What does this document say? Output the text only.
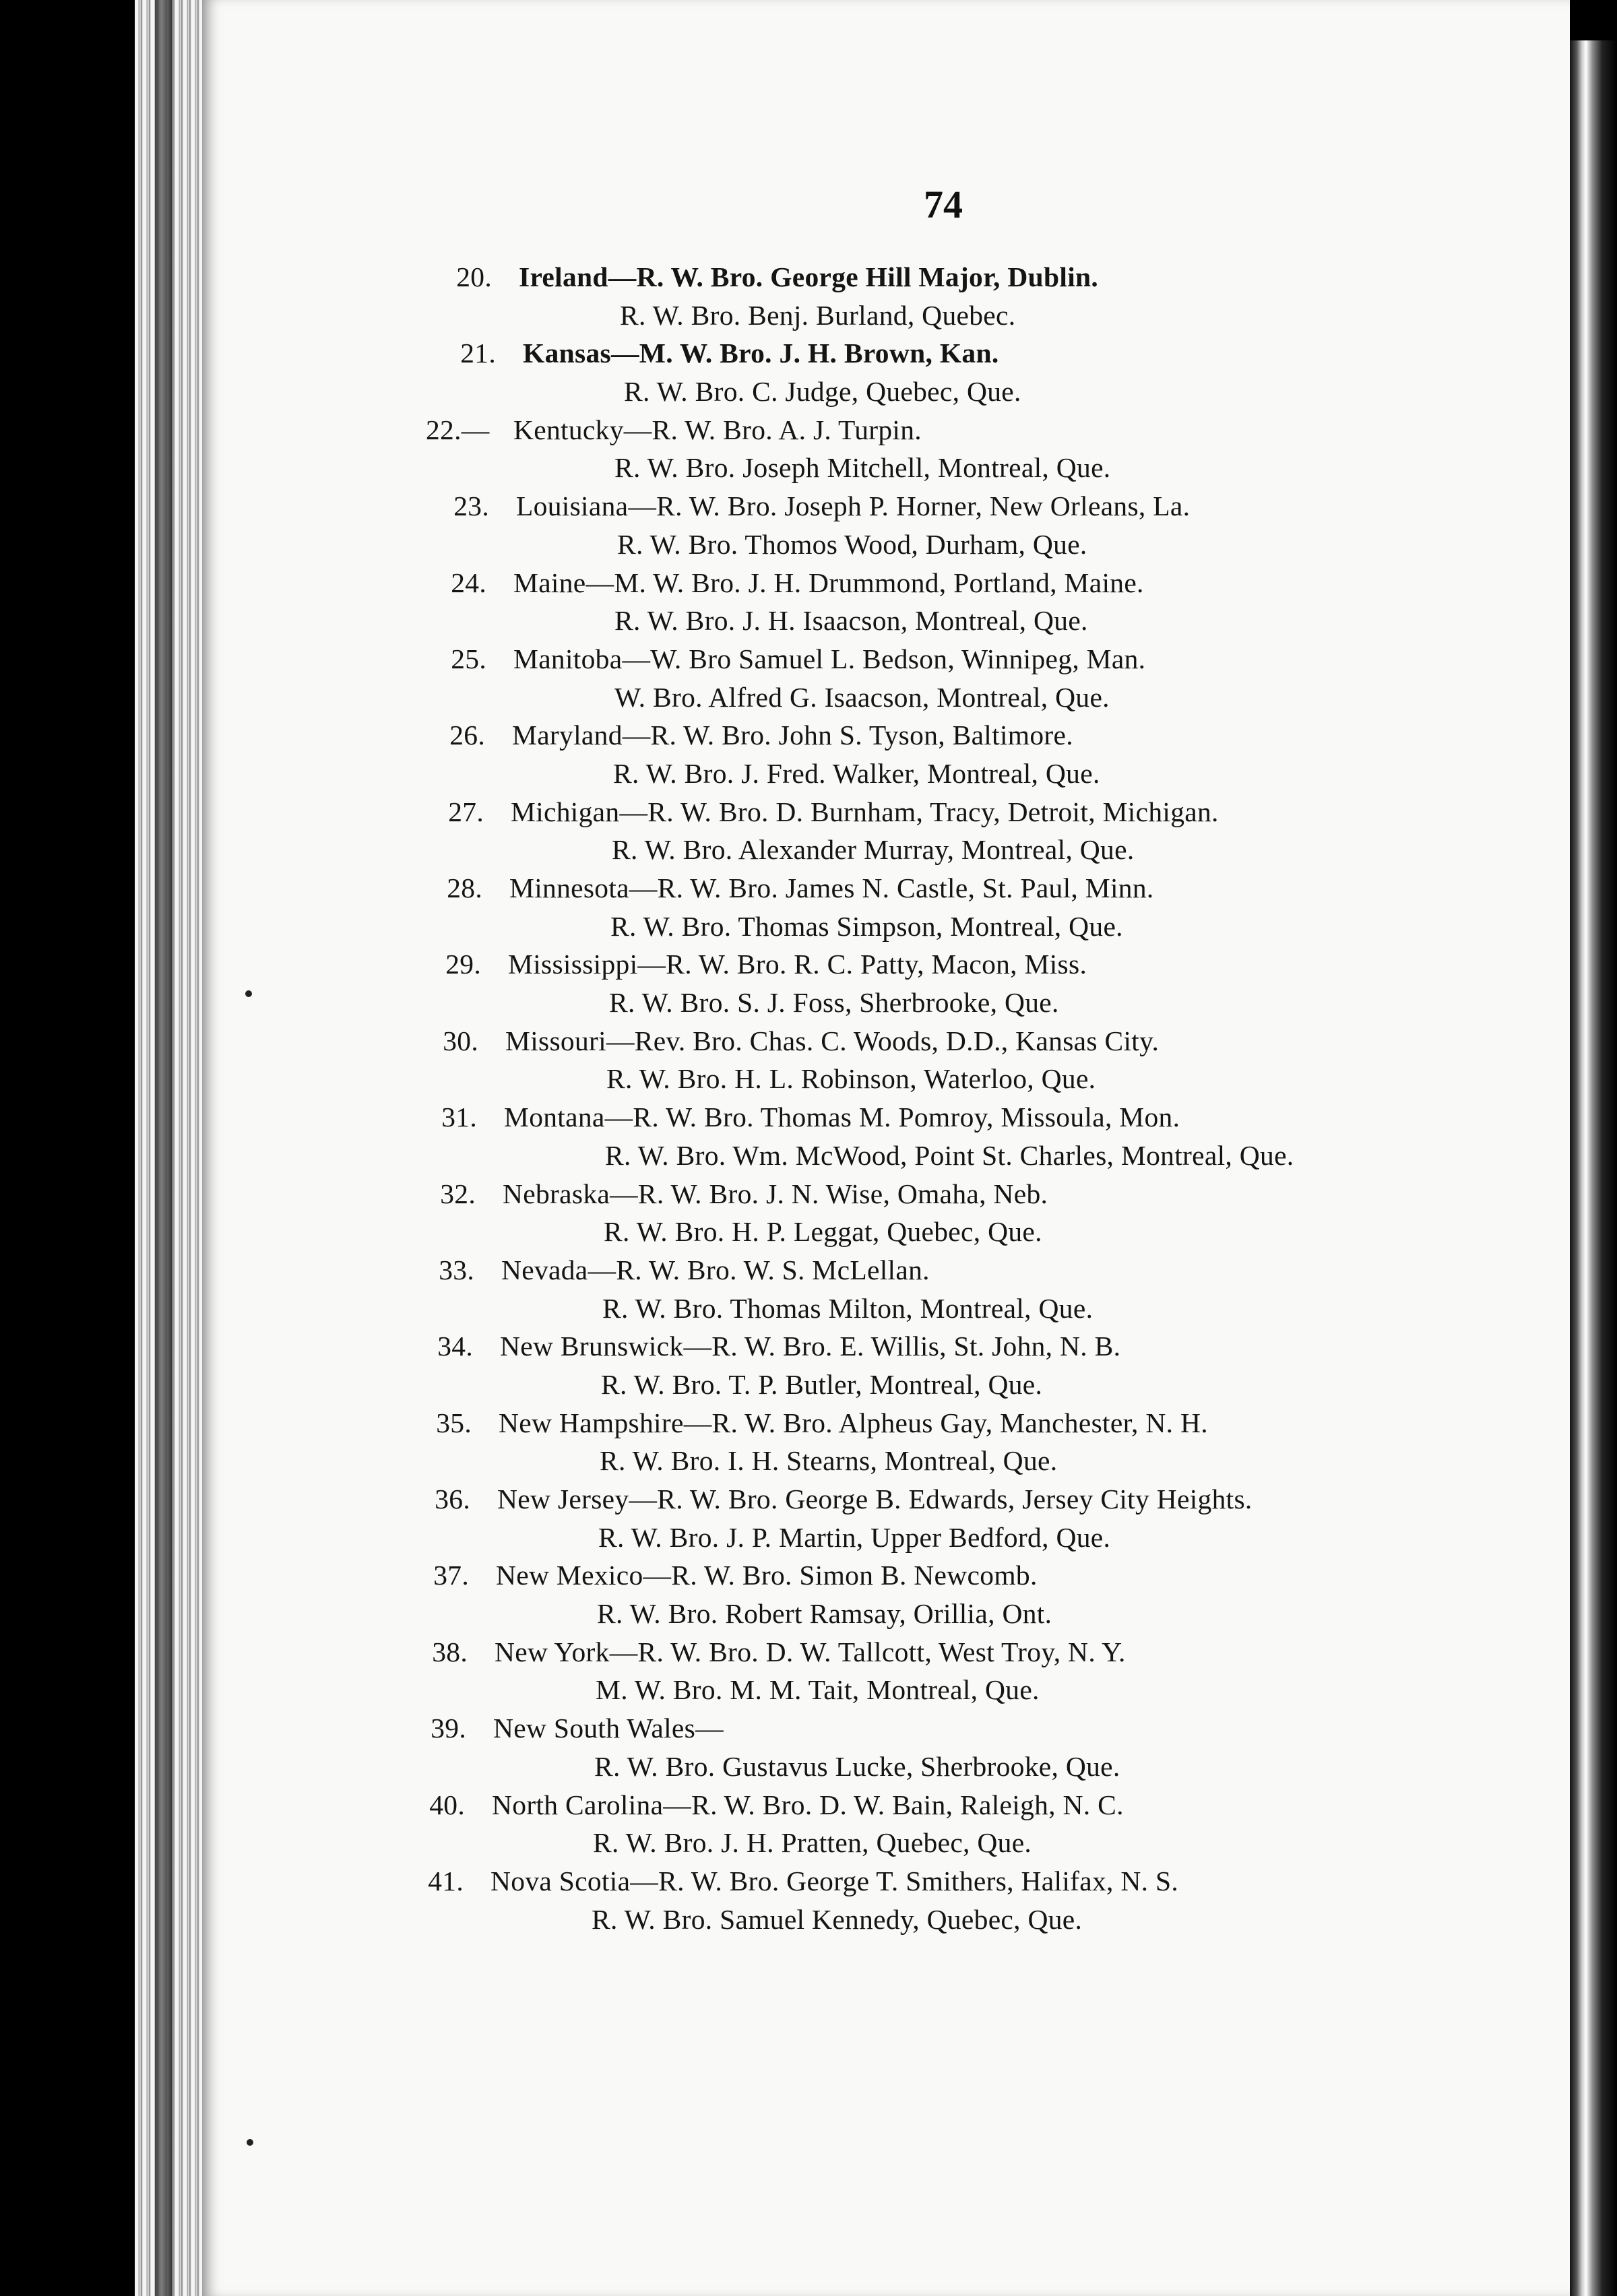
74
20. Ireland—R. W. Bro. George Hill Major, Dublin.
R. W. Bro. Benj. Burland, Quebec.
21. Kansas—M. W. Bro. J. H. Brown, Kan.
R. W. Bro. C. Judge, Quebec, Que.
22.— Kentucky—R. W. Bro. A. J. Turpin.
R. W. Bro. Joseph Mitchell, Montreal, Que.
23. Louisiana—R. W. Bro. Joseph P. Horner, New Orleans, La.
R. W. Bro. Thomos Wood, Durham, Que.
24. Maine—M. W. Bro. J. H. Drummond, Portland, Maine.
R. W. Bro. J. H. Isaacson, Montreal, Que.
25. Manitoba—W. Bro Samuel L. Bedson, Winnipeg, Man.
W. Bro. Alfred G. Isaacson, Montreal, Que.
26. Maryland—R. W. Bro. John S. Tyson, Baltimore.
R. W. Bro. J. Fred. Walker, Montreal, Que.
27. Michigan—R. W. Bro. D. Burnham, Tracy, Detroit, Michigan.
R. W. Bro. Alexander Murray, Montreal, Que.
28. Minnesota—R. W. Bro. James N. Castle, St. Paul, Minn.
R. W. Bro. Thomas Simpson, Montreal, Que.
29. Mississippi—R. W. Bro. R. C. Patty, Macon, Miss.
R. W. Bro. S. J. Foss, Sherbrooke, Que.
30. Missouri—Rev. Bro. Chas. C. Woods, D.D., Kansas City.
R. W. Bro. H. L. Robinson, Waterloo, Que.
31. Montana—R. W. Bro. Thomas M. Pomroy, Missoula, Mon.
R. W. Bro. Wm. McWood, Point St. Charles, Montreal, Que.
32. Nebraska—R. W. Bro. J. N. Wise, Omaha, Neb.
R. W. Bro. H. P. Leggat, Quebec, Que.
33. Nevada—R. W. Bro. W. S. McLellan.
R. W. Bro. Thomas Milton, Montreal, Que.
34. New Brunswick—R. W. Bro. E. Willis, St. John, N. B.
R. W. Bro. T. P. Butler, Montreal, Que.
35. New Hampshire—R. W. Bro. Alpheus Gay, Manchester, N. H.
R. W. Bro. I. H. Stearns, Montreal, Que.
36. New Jersey—R. W. Bro. George B. Edwards, Jersey City Heights.
R. W. Bro. J. P. Martin, Upper Bedford, Que.
37. New Mexico—R. W. Bro. Simon B. Newcomb.
R. W. Bro. Robert Ramsay, Orillia, Ont.
38. New York—R. W. Bro. D. W. Tallcott, West Troy, N. Y.
M. W. Bro. M. M. Tait, Montreal, Que.
39. New South Wales—
R. W. Bro. Gustavus Lucke, Sherbrooke, Que.
40. North Carolina—R. W. Bro. D. W. Bain, Raleigh, N. C.
R. W. Bro. J. H. Pratten, Quebec, Que.
41. Nova Scotia—R. W. Bro. George T. Smithers, Halifax, N. S.
R. W. Bro. Samuel Kennedy, Quebec, Que.
